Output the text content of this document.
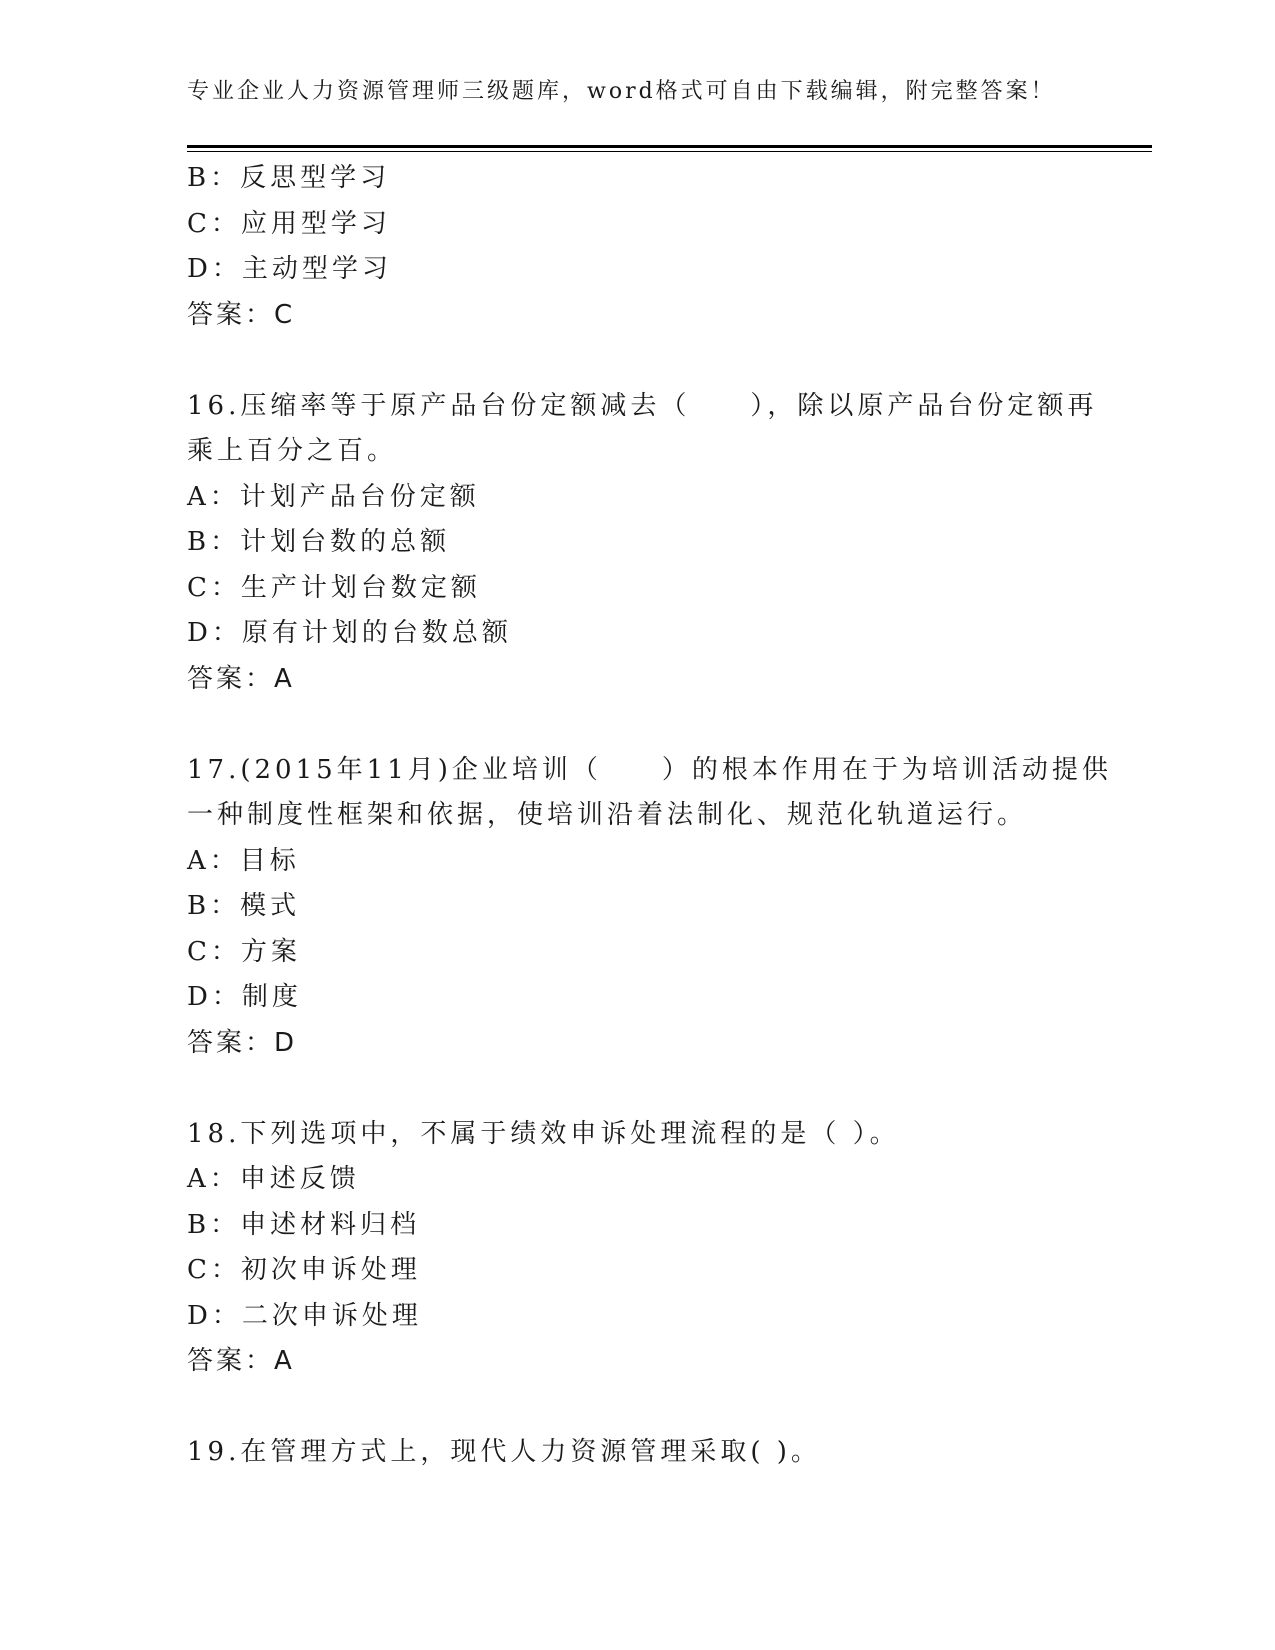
专业企业人力资源管理师三级题库，word格式可自由下载编辑，附完整答案！
B：反思型学习
C：应用型学习
D：主动型学习
答案：C
16.压缩率等于原产品台份定额减去（　　），除以原产品台份定额再
乘上百分之百。
A：计划产品台份定额
B：计划台数的总额
C：生产计划台数定额
D：原有计划的台数总额
答案：A
17.(2015年11月)企业培训（　　）的根本作用在于为培训活动提供
一种制度性框架和依据，使培训沿着法制化、规范化轨道运行。
A：目标
B：模式
C：方案
D：制度
答案：D
18.下列选项中，不属于绩效申诉处理流程的是（ ）。
A：申述反馈
B：申述材料归档
C：初次申诉处理
D：二次申诉处理
答案：A
19.在管理方式上，现代人力资源管理采取( )。
